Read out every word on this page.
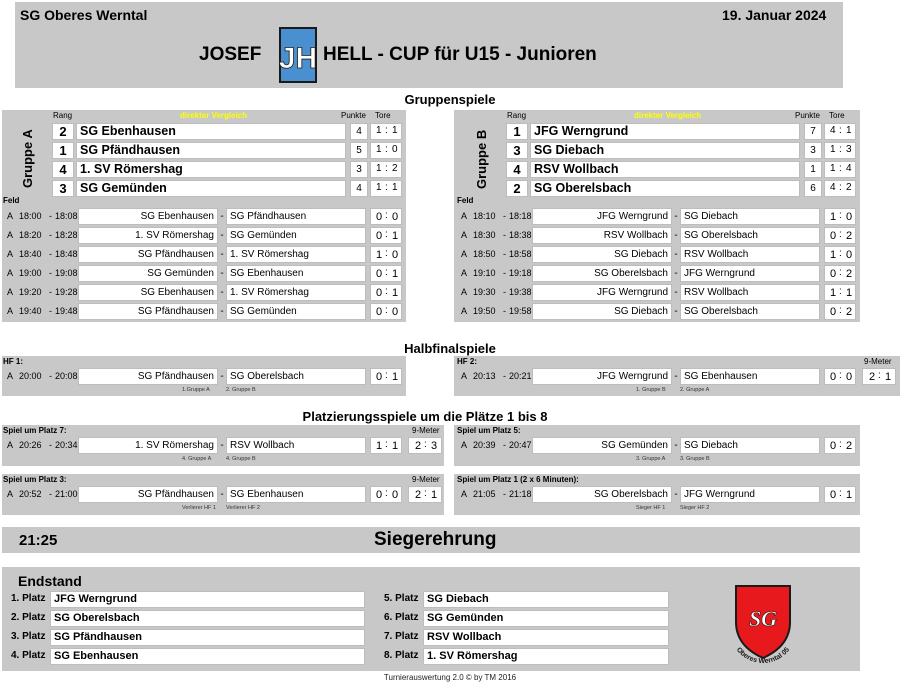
SG Oberes Werntal	19. Januar 2024
JOSEF JH HELL - CUP für U15 - Junioren
Gruppenspiele
Rang	direkter Vergleich	Punkte Tore
Gruppe A	2	SG Ebenhausen	4	1 : 1
1	SG Pfändhausen	5	1 : 0
4	1. SV Römershag	3	1 : 2
3	SG Gemünden	4	1 : 1
Feld
A 18:00 - 18:08	SG Ebenhausen - SG Pfändhausen	0 : 0
A 18:20 - 18:28	1. SV Römershag - SG Gemünden	0 : 1
A 18:40 - 18:48	SG Pfändhausen - 1. SV Römershag	1 : 0
A 19:00 - 19:08	SG Gemünden - SG Ebenhausen	0 : 1
A 19:20 - 19:28	SG Ebenhausen - 1. SV Römershag	0 : 1
A 19:40 - 19:48	SG Pfändhausen - SG Gemünden	0 : 0
Rang	direkter Vergleich	Punkte Tore
Gruppe B	1	JFG Werngrund	7	4 : 1
3	SG Diebach	3	1 : 3
4	RSV Wollbach	1	1 : 4
2	SG Oberelsbach	6	4 : 2
Feld
A 18:10 - 18:18	JFG Werngrund - SG Diebach	1 : 0
A 18:30 - 18:38	RSV Wollbach - SG Oberelsbach	0 : 2
A 18:50 - 18:58	SG Diebach - RSV Wollbach	1 : 0
A 19:10 - 19:18	SG Oberelsbach - JFG Werngrund	0 : 2
A 19:30 - 19:38	JFG Werngrund - RSV Wollbach	1 : 1
A 19:50 - 19:58	SG Diebach - SG Oberelsbach	0 : 2
Halbfinalspiele
Platzierungsspiele um die Plätze 1 bis 8
HF 1:
A 20:00 - 20:08	SG Pfändhausen - SG Oberelsbach
1.Gruppe A	2. Gruppe B
0 : 1
HF 2:	9-Meter
A 20:13 - 20:21	JFG Werngrund - SG Ebenhausen
1. Gruppe B	2. Gruppe A
0 : 0 2 : 1
Spiel um Platz 7:	9-Meter
A 20:26 - 20:34	1. SV Römershag - RSV Wollbach
4. Gruppe A	4. Gruppe B
1 : 1 2 : 3
Spiel um Platz 5:
A 20:39 - 20:47	SG Gemünden - SG Diebach
3. Gruppe A	3. Gruppe B
0 : 2
Spiel um Platz 3:	9-Meter
A 20:52 - 21:00	SG Pfändhausen - SG Ebenhausen
Verlierer HF 1 Verlierer HF 2
0 : 0 2 : 1
Spiel um Platz 1 (2 x 6 Minuten):
A 21:05 - 21:18	SG Oberelsbach - JFG Werngrund
Sieger HF 1	Sieger HF 2
0 : 1
21:25	Siegerehrung
Endstand
1. Platz JFG Werngrund
2. Platz SG Oberelsbach
3. Platz SG Pfändhausen
4. Platz SG Ebenhausen
5. Platz SG Diebach
6. Platz SG Gemünden
7. Platz RSV Wollbach
8. Platz 1. SV Römershag
SG
Oberes Werntal 05
Turnierauswertung 2.0 © by TM 2016
